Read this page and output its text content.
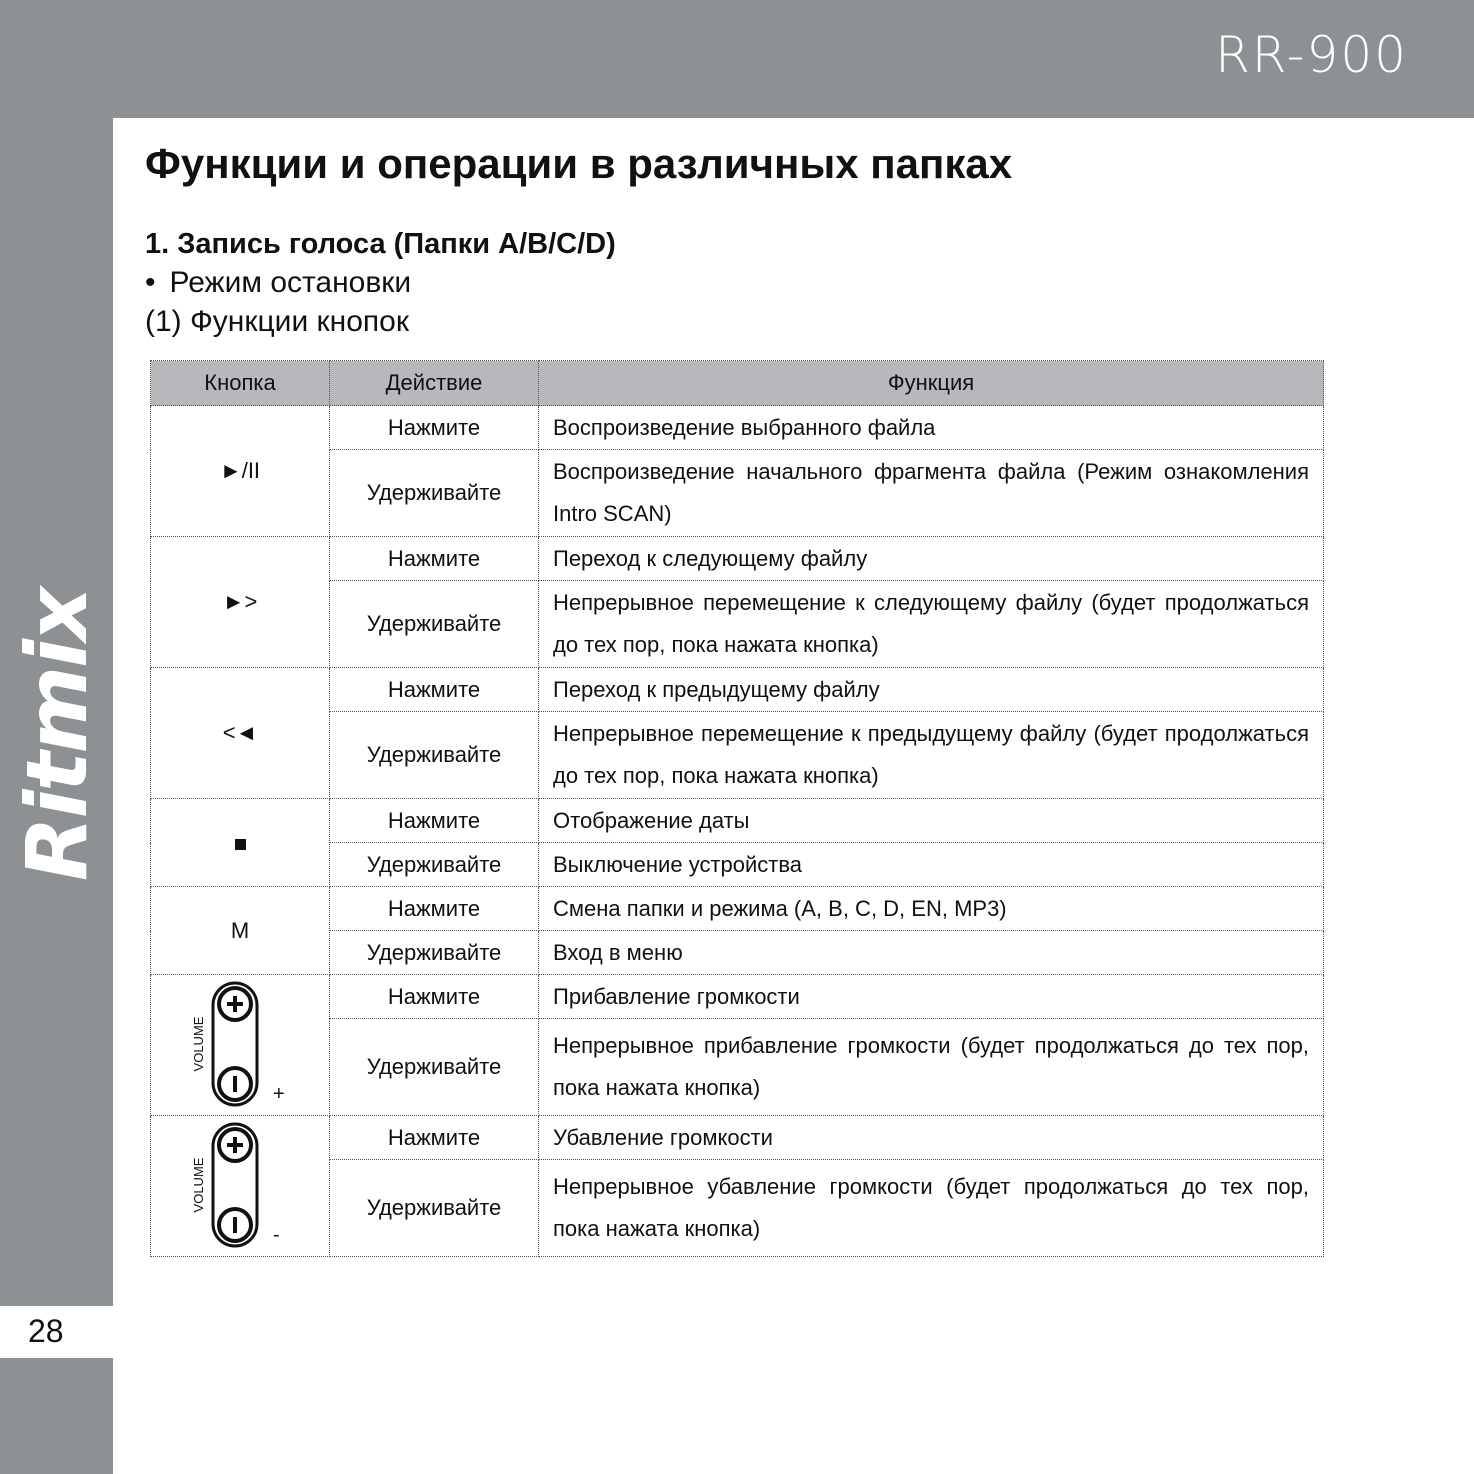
RR-900
Ritmix
28
Функции и операции в различных папках
1. Запись голоса (Папки A/B/C/D)

• Режим остановки

(1) Функции кнопок

Кнопка	Действие	Функция
►/II	Нажмите	Воспроизведение выбранного файла
	Удерживайте	Воспроизведение начального фрагмента файла (Режим ознакомления Intro SCAN)
►>	Нажмите	Переход к следующему файлу
	Удерживайте	Непрерывное перемещение к следующему файлу (будет продолжаться до тех пор, пока нажата кнопка)
<◄	Нажмите	Переход к предыдущему файлу
	Удерживайте	Непрерывное перемещение к предыдущему файлу (будет продолжаться до тех пор, пока нажата кнопка)
	Нажмите	Отображение даты
	Удерживайте	Выключение устройства
M	Нажмите	Смена папки и режима (A, B, C, D, EN, MP3)
	Удерживайте	Вход в меню

VOLUME
+	Нажмите	Прибавление громкости
	Удерживайте	Непрерывное прибавление громкости (будет продолжаться до тех пор, пока нажата кнопка)

VOLUME
-	Нажмите	Убавление громкости
	Удерживайте	Непрерывное убавление громкости (будет продолжаться до тех пор, пока нажата кнопка)
